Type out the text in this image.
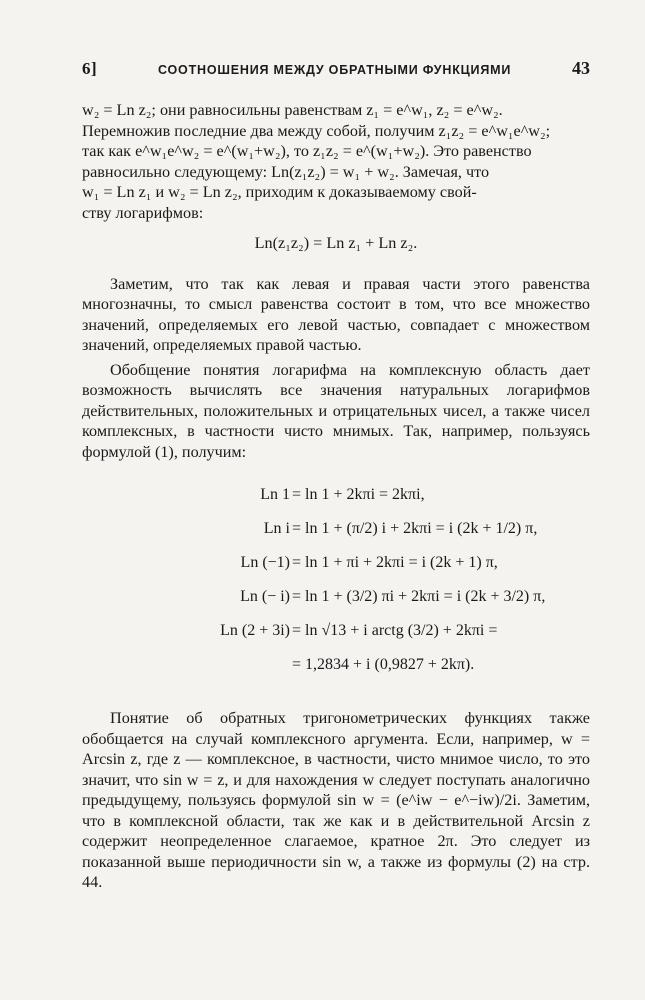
6]	СООТНОШЕНИЯ МЕЖДУ ОБРАТНЫМИ ФУНКЦИЯМИ	43

w₂ = Ln z₂; они равносильны равенствам z₁ = e^w₁, z₂ = e^w₂.

Перемножив последние два между собой, получим z₁z₂ = e^w₁e^w₂;

так как e^w₁e^w₂ = e^(w₁+w₂), то z₁z₂ = e^(w₁+w₂). Это равенство

равносильно следующему: Ln(z₁z₂) = w₁ + w₂. Замечая, что

w₁ = Ln z₁ и w₂ = Ln z₂, приходим к доказываемому свой-

ству логарифмов:

Ln(z₁z₂) = Ln z₁ + Ln z₂.

Заметим, что так как левая и правая части этого равенства многозначны, то смысл равенства состоит в том, что все множество значений, определяемых его левой частью, совпадает с множеством значений, определяемых правой частью.

Обобщение понятия логарифма на комплексную область дает возможность вычислять все значения натуральных логарифмов действительных, положительных и отрицательных чисел, а также чисел комплексных, в частности чисто мнимых. Так, например, пользуясь формулой (1), получим:

Ln 1 = ln 1 + 2kπi = 2kπi,
Ln i = ln 1 + (π/2) i + 2kπi = i (2k + 1/2) π,
Ln (−1) = ln 1 + πi + 2kπi = i (2k + 1) π,
Ln (− i) = ln 1 + (3/2) πi + 2kπi = i (2k + 3/2) π,
Ln (2 + 3i) = ln √13 + i arctg (3/2) + 2kπi =
= 1,2834 + i (0,9827 + 2kπ).

Понятие об обратных тригонометрических функциях также обобщается на случай комплексного аргумента. Если, например, w = Arcsin z, где z — комплексное, в частности, чисто мнимое число, то это значит, что sin w = z, и для нахождения w следует поступать аналогично предыдущему, пользуясь формулой sin w = (e^iw − e^−iw)/2i. Заметим, что в комплексной области, так же как и в действительной Arcsin z содержит неопределенное слагаемое, кратное 2π. Это следует из показанной выше периодичности sin w, а также из формулы (2) на стр. 44.
